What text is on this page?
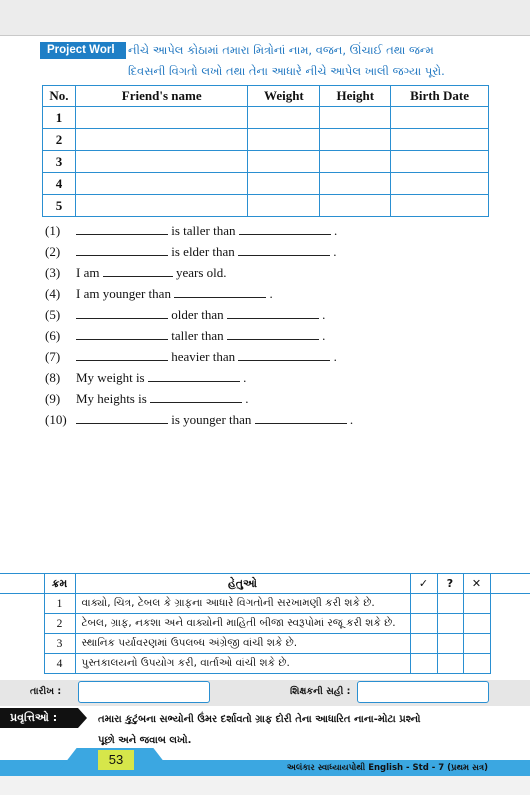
Project Work નીચે આપેલ કોઠામાં તમારા મિત્રોનાં નામ, વજન, ઊંચાઈ તથા જન્મ
દિવસની વિગતો લખો તથા તેના આધારે નીચે આપેલ ખાલી જગ્યા પૂરો.
No.	Friend's name	Weight	Height	Birth Date
1				
2				
3				
4				
5				
(1)	is taller than	.
(2)	is elder than	.
(3) I am	years old.
(4) I am younger than	.
(5)	older than	.
(6)	taller than	.
(7)	heavier than	.
(8) My weight is	.
(9) My heights is	.
(10)	is younger than	.
	ક્રમ	હેતુઓ	✓	?	✕	
	1	વાક્યો, ચિત્ર, ટેબલ કે ગ્રાફના આધારે વિગતોની સરખામણી કરી શકે છે.				
	2	ટેબલ, ગ્રાફ, નકશા અને વાક્યોની માહિતી બીજા સ્વરૂપોમાં રજૂ કરી શકે છે.				
	3	સ્થાનિક પર્યાવરણમાં ઉપલબ્ધ અંગ્રેજી વાંચી શકે છે.				
	4	પુસ્તકાલયનો ઉપયોગ કરી, વાર્તાઓ વાંચી શકે છે.				
તારીખ :	શિક્ષકની સહી :
પ્રવૃત્તિઓ :	તમારા કુટુંબના સભ્યોની ઉંમર દર્શાવતો ગ્રાફ દોરી તેના આધારિત નાના-મોટા પ્રશ્નો
પૂછો અને જવાબ લખો.
53
અલંકાર સ્વાધ્યાયપોથી English - Std - 7 (પ્રથમ સત્ર)
